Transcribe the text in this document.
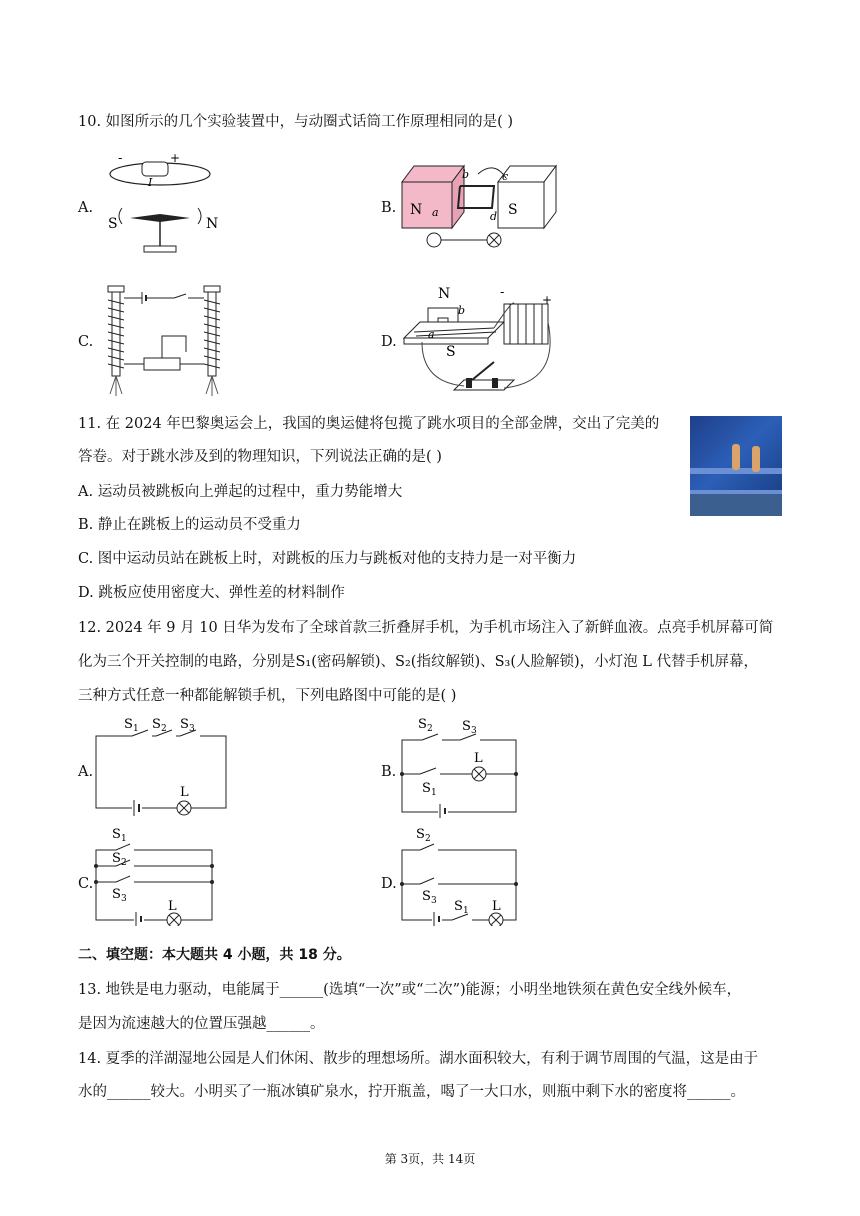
10. 如图所示的几个实验装置中，与动圈式话筒工作原理相同的是( )
A.	B.
C.	D.
-	+
I
S	N
N	S
a
b	c
d
N
b
a
S
-	+
11. 在 2024 年巴黎奥运会上，我国的奥运健将包揽了跳水项目的全部金牌，交出了完美的
答卷。对于跳水涉及到的物理知识，下列说法正确的是( )
A. 运动员被跳板向上弹起的过程中，重力势能增大
B. 静止在跳板上的运动员不受重力
C. 图中运动员站在跳板上时，对跳板的压力与跳板对他的支持力是一对平衡力
D. 跳板应使用密度大、弹性差的材料制作
12. 2024 年 9 月 10 日华为发布了全球首款三折叠屏手机，为手机市场注入了新鲜血液。点亮手机屏幕可简
化为三个开关控制的电路，分别是S₁(密码解锁)、S₂(指纹解锁)、S₃(人脸解锁)，小灯泡 L 代替手机屏幕，
三种方式任意一种都能解锁手机，下列电路图中可能的是( )
A.	B.
C.	D.
S 1 S 2 S 3
L
S 2 S 3
L
S 1
S 1
S 2
S 3	L
S 2
S 3 S 1 L
二、填空题：本大题共 4 小题，共 18 分。
13. 地铁是电力驱动，电能属于______(选填“一次”或“二次”)能源；小明坐地铁须在黄色安全线外候车，
是因为流速越大的位置压强越______。
14. 夏季的洋湖湿地公园是人们休闲、散步的理想场所。湖水面积较大，有利于调节周围的气温，这是由于
水的______较大。小明买了一瓶冰镇矿泉水，拧开瓶盖，喝了一大口水，则瓶中剩下水的密度将______。
第 3页，共 14页
